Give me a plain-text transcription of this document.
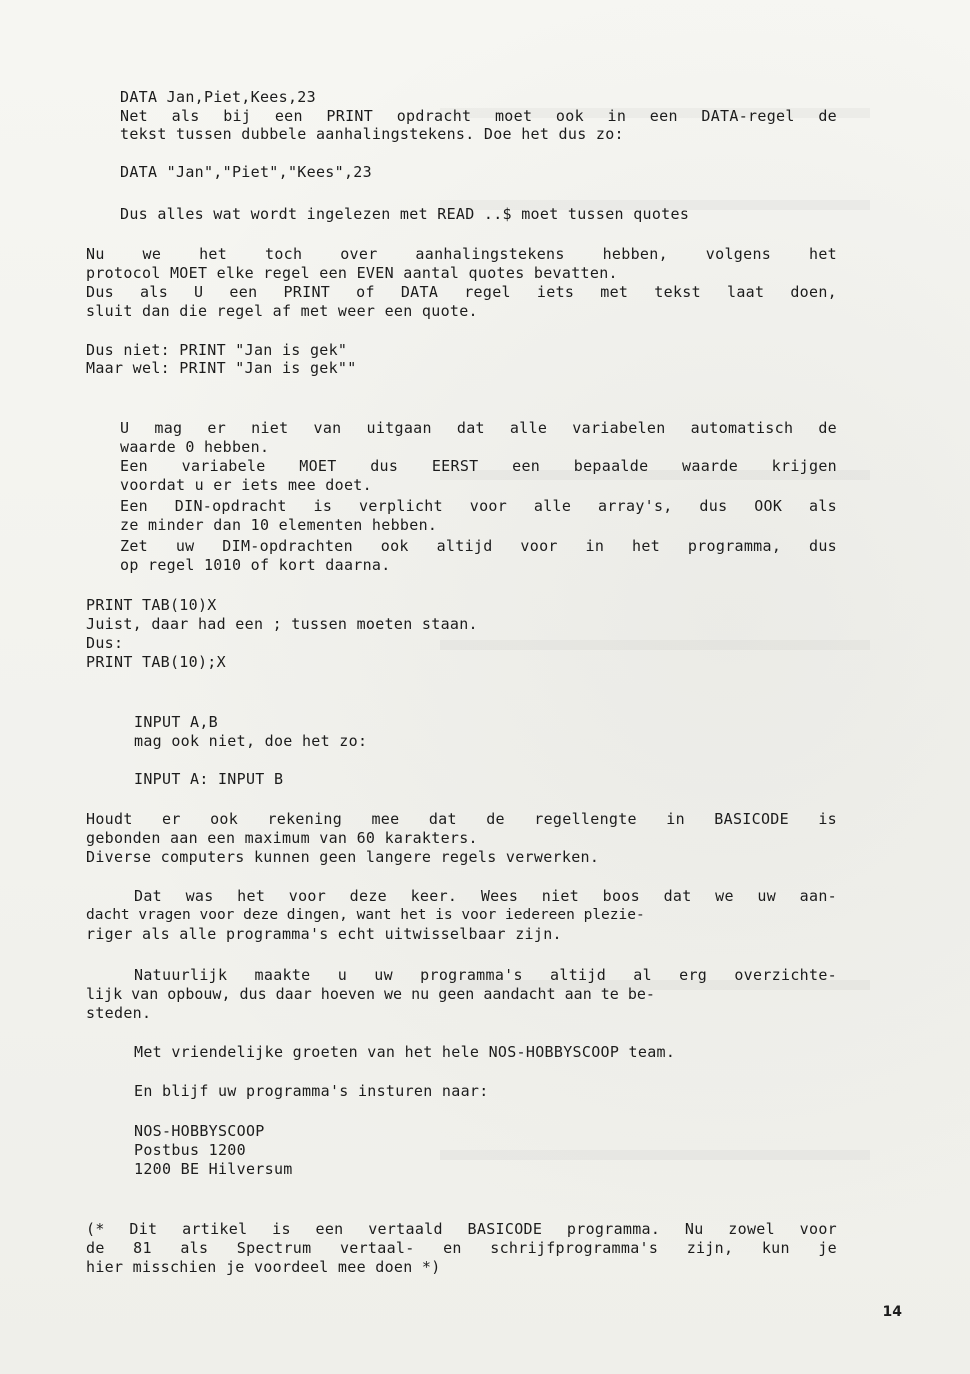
DATA Jan,Piet,Kees,23
Net als bij een PRINT opdracht moet ook in een DATA-regel de
tekst tussen dubbele aanhalingstekens. Doe het dus zo:
DATA "Jan","Piet","Kees",23
Dus alles wat wordt ingelezen met READ ..$ moet tussen quotes
Nu we het toch over aanhalingstekens hebben, volgens het
protocol MOET elke regel een EVEN aantal quotes bevatten.
Dus als U een PRINT of DATA regel iets met tekst laat doen,
sluit dan die regel af met weer een quote.
Dus niet: PRINT "Jan is gek"
Maar wel: PRINT "Jan is gek""
U mag er niet van uitgaan dat alle variabelen automatisch de
waarde 0 hebben.
Een variabele MOET dus EERST een bepaalde waarde krijgen
voordat u er iets mee doet.
Een DIN-opdracht is verplicht voor alle array's, dus OOK als
ze minder dan 10 elementen hebben.
Zet uw DIM-opdrachten ook altijd voor in het programma, dus
op regel 1010 of kort daarna.
PRINT TAB(10)X
Juist, daar had een ; tussen moeten staan.
Dus:
PRINT TAB(10);X
INPUT A,B
mag ook niet, doe het zo:
INPUT A: INPUT B
Houdt er ook rekening mee dat de regellengte in BASICODE is
gebonden aan een maximum van 60 karakters.
Diverse computers kunnen geen langere regels verwerken.
Dat was het voor deze keer. Wees niet boos dat we uw aan-
dacht vragen voor deze dingen, want het is voor iedereen plezie-
riger als alle programma's echt uitwisselbaar zijn.
Natuurlijk maakte u uw programma's altijd al erg overzichte-
lijk van opbouw, dus daar hoeven we nu geen aandacht aan te be-
steden.
Met vriendelijke groeten van het hele NOS-HOBBYSCOOP team.
En blijf uw programma's insturen naar:
NOS-HOBBYSCOOP
Postbus 1200
1200 BE Hilversum
(* Dit artikel is een vertaald BASICODE programma. Nu zowel voor
de 81 als Spectrum vertaal- en schrijfprogramma's zijn, kun je
hier misschien je voordeel mee doen *)
14
